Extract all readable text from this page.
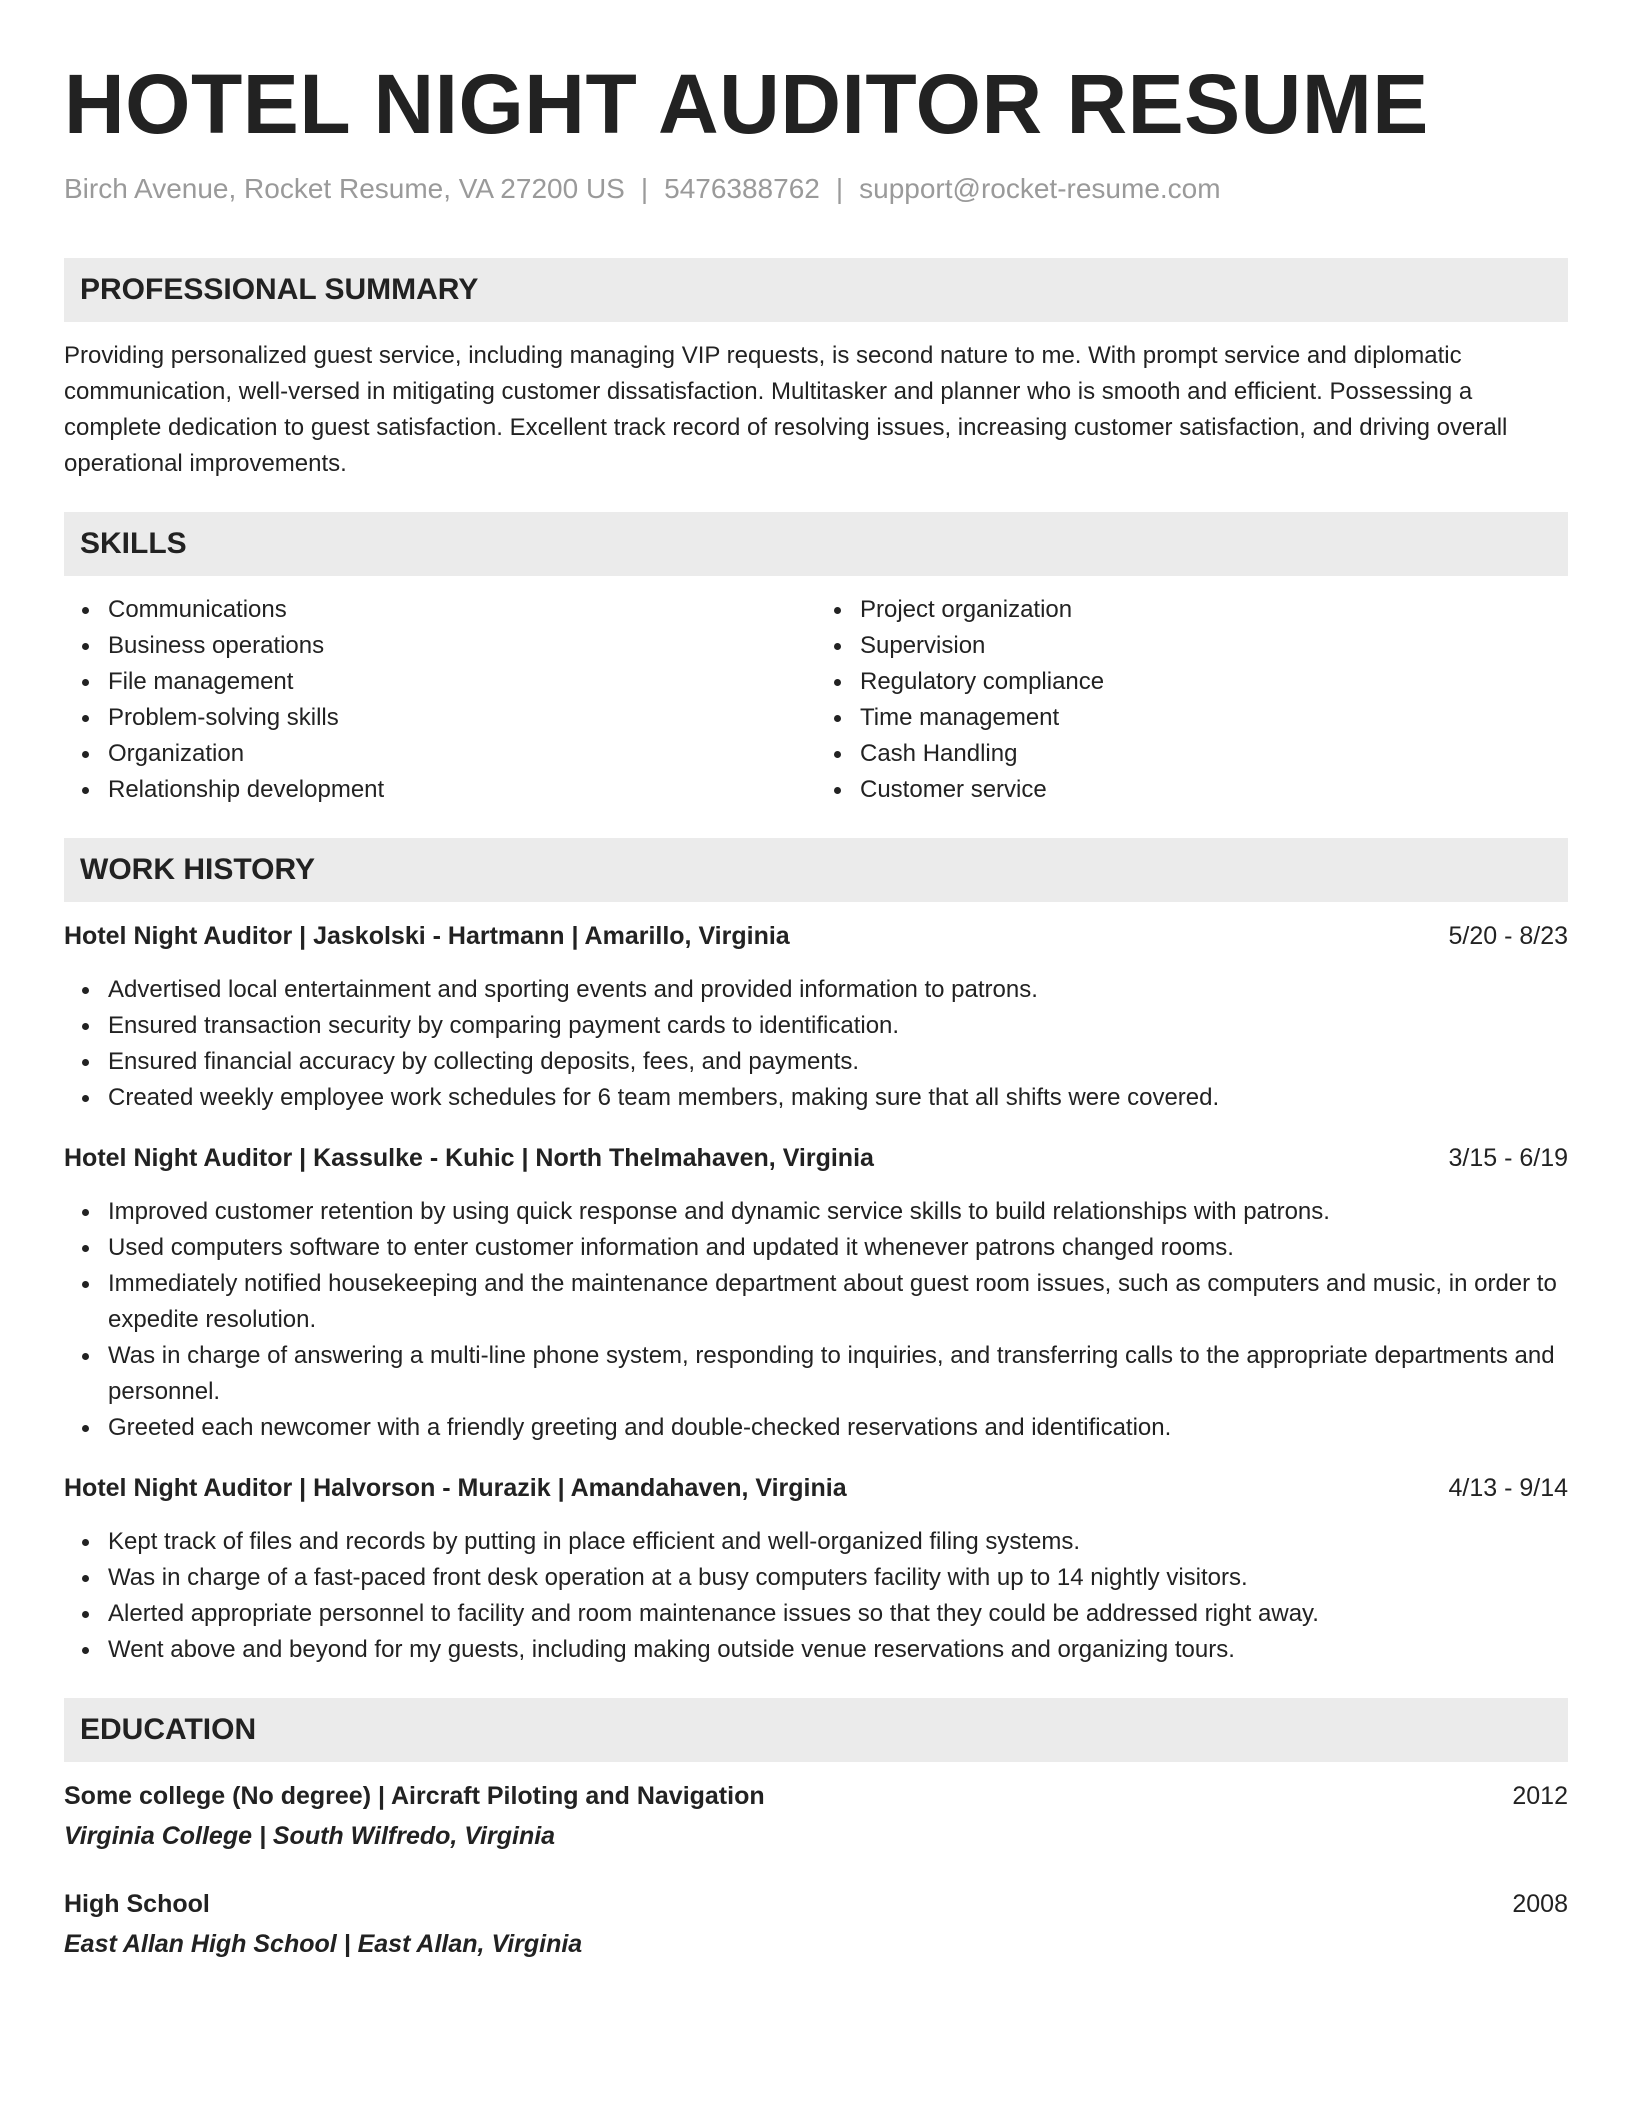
HOTEL NIGHT AUDITOR RESUME
Birch Avenue, Rocket Resume, VA 27200 US | 5476388762 | support@rocket-resume.com
PROFESSIONAL SUMMARY
Providing personalized guest service, including managing VIP requests, is second nature to me. With prompt service and diplomatic communication, well-versed in mitigating customer dissatisfaction. Multitasker and planner who is smooth and efficient. Possessing a complete dedication to guest satisfaction. Excellent track record of resolving issues, increasing customer satisfaction, and driving overall operational improvements.
SKILLS
Communications
Business operations
File management
Problem-solving skills
Organization
Relationship development
Project organization
Supervision
Regulatory compliance
Time management
Cash Handling
Customer service
WORK HISTORY
Hotel Night Auditor | Jaskolski - Hartmann | Amarillo, Virginia	5/20 - 8/23
Advertised local entertainment and sporting events and provided information to patrons.
Ensured transaction security by comparing payment cards to identification.
Ensured financial accuracy by collecting deposits, fees, and payments.
Created weekly employee work schedules for 6 team members, making sure that all shifts were covered.
Hotel Night Auditor | Kassulke - Kuhic | North Thelmahaven, Virginia	3/15 - 6/19
Improved customer retention by using quick response and dynamic service skills to build relationships with patrons.
Used computers software to enter customer information and updated it whenever patrons changed rooms.
Immediately notified housekeeping and the maintenance department about guest room issues, such as computers and music, in order to expedite resolution.
Was in charge of answering a multi-line phone system, responding to inquiries, and transferring calls to the appropriate departments and personnel.
Greeted each newcomer with a friendly greeting and double-checked reservations and identification.
Hotel Night Auditor | Halvorson - Murazik | Amandahaven, Virginia	4/13 - 9/14
Kept track of files and records by putting in place efficient and well-organized filing systems.
Was in charge of a fast-paced front desk operation at a busy computers facility with up to 14 nightly visitors.
Alerted appropriate personnel to facility and room maintenance issues so that they could be addressed right away.
Went above and beyond for my guests, including making outside venue reservations and organizing tours.
EDUCATION
Some college (No degree) | Aircraft Piloting and Navigation	2012
Virginia College | South Wilfredo, Virginia
High School	2008
East Allan High School | East Allan, Virginia
